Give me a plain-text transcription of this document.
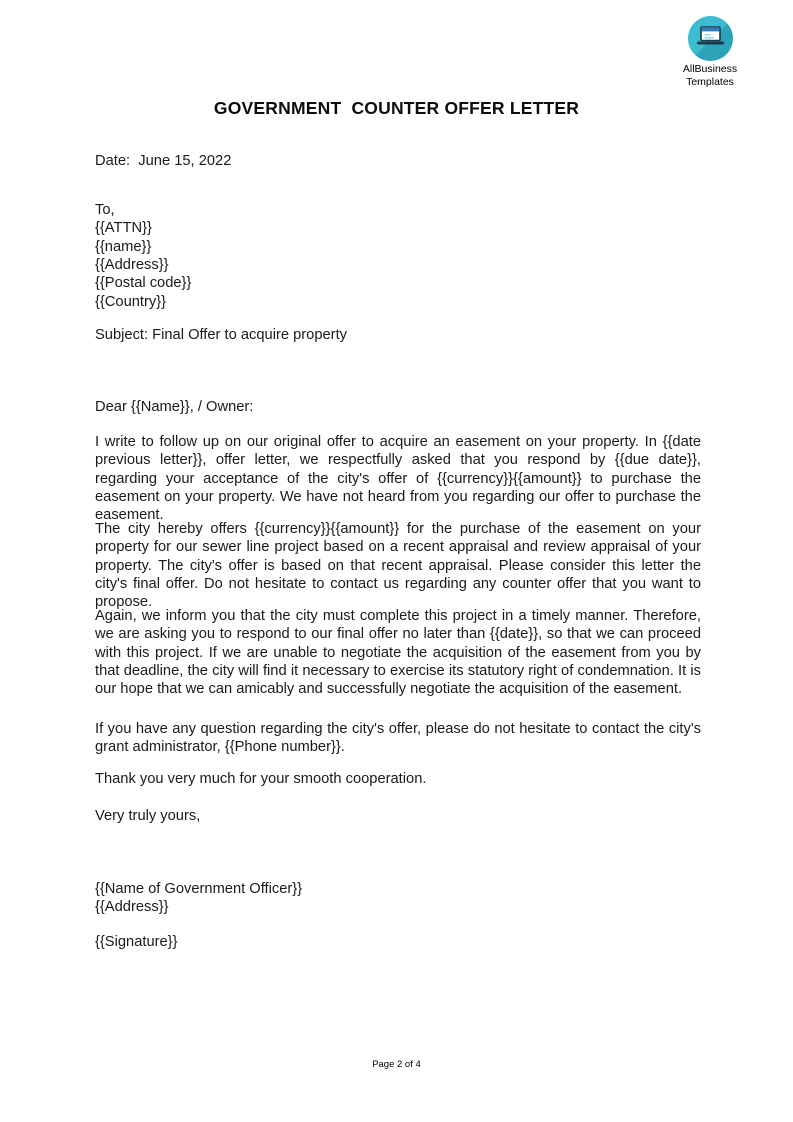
AllBusiness
Templates
GOVERNMENT  COUNTER OFFER LETTER
Date:  June 15, 2022
To,
{{ATTN}}
{{name}}
{{Address}}
{{Postal code}}
{{Country}}
Subject: Final Offer to acquire property
Dear {{Name}}, / Owner:
I write to follow up on our original offer to acquire an easement on your property. In {{date previous letter}}, offer letter, we respectfully asked that you respond by {{due date}}, regarding your acceptance of the city's offer of {{currency}}{{amount}} to purchase the easement on your property. We have not heard from you regarding our offer to purchase the easement.
The city hereby offers {{currency}}{{amount}} for the purchase of the easement on your property for our sewer line project based on a recent appraisal and review appraisal of your property. The city's offer is based on that recent appraisal. Please consider this letter the city's final offer. Do not hesitate to contact us regarding any counter offer that you want to propose.
Again, we inform you that the city must complete this project in a timely manner. Therefore, we are asking you to respond to our final offer no later than {{date}}, so that we can proceed with this project. If we are unable to negotiate the acquisition of the easement from you by that deadline, the city will find it necessary to exercise its statutory right of condemnation. It is our hope that we can amicably and successfully negotiate the acquisition of the easement.
If you have any question regarding the city's offer, please do not hesitate to contact the city's grant administrator, {{Phone number}}.
Thank you very much for your smooth cooperation.
Very truly yours,
{{Name of Government Officer}}
{{Address}}
{{Signature}}
Page 2 of 4
